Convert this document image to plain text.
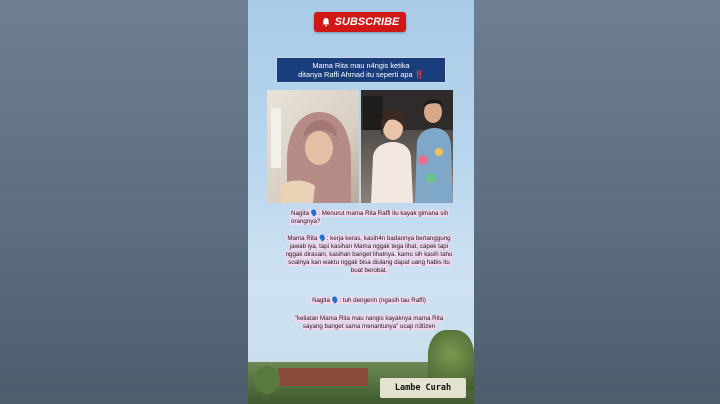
SUBSCRIBE
Mama Rita mau n4ngis ketika
ditanya Raffi Ahmad itu seperti apa ‼️
Nagita 🗣️: Menurut mama Rita Raffi itu kayak gimana sih orangnya?
Mama Rita 🗣️: kerja keras, kasih4n badannya bertanggung jawab iya, tapi kasihan Mama nggak tega lihat, capek tapi nggak dirasain, kasihan banget lihatnya. kamu sih kasih tahu soalnya kan waktu nggak bisa diulang dapat uang habis itu buat berobat.
Nagita 🗣️: tuh dengerin (ngasih tau Raffi)
"keliatan Mama Rita mau nangis kayaknya mama Rita sayang banget sama menantunya" ucap n3tizen
Lambe Curah
